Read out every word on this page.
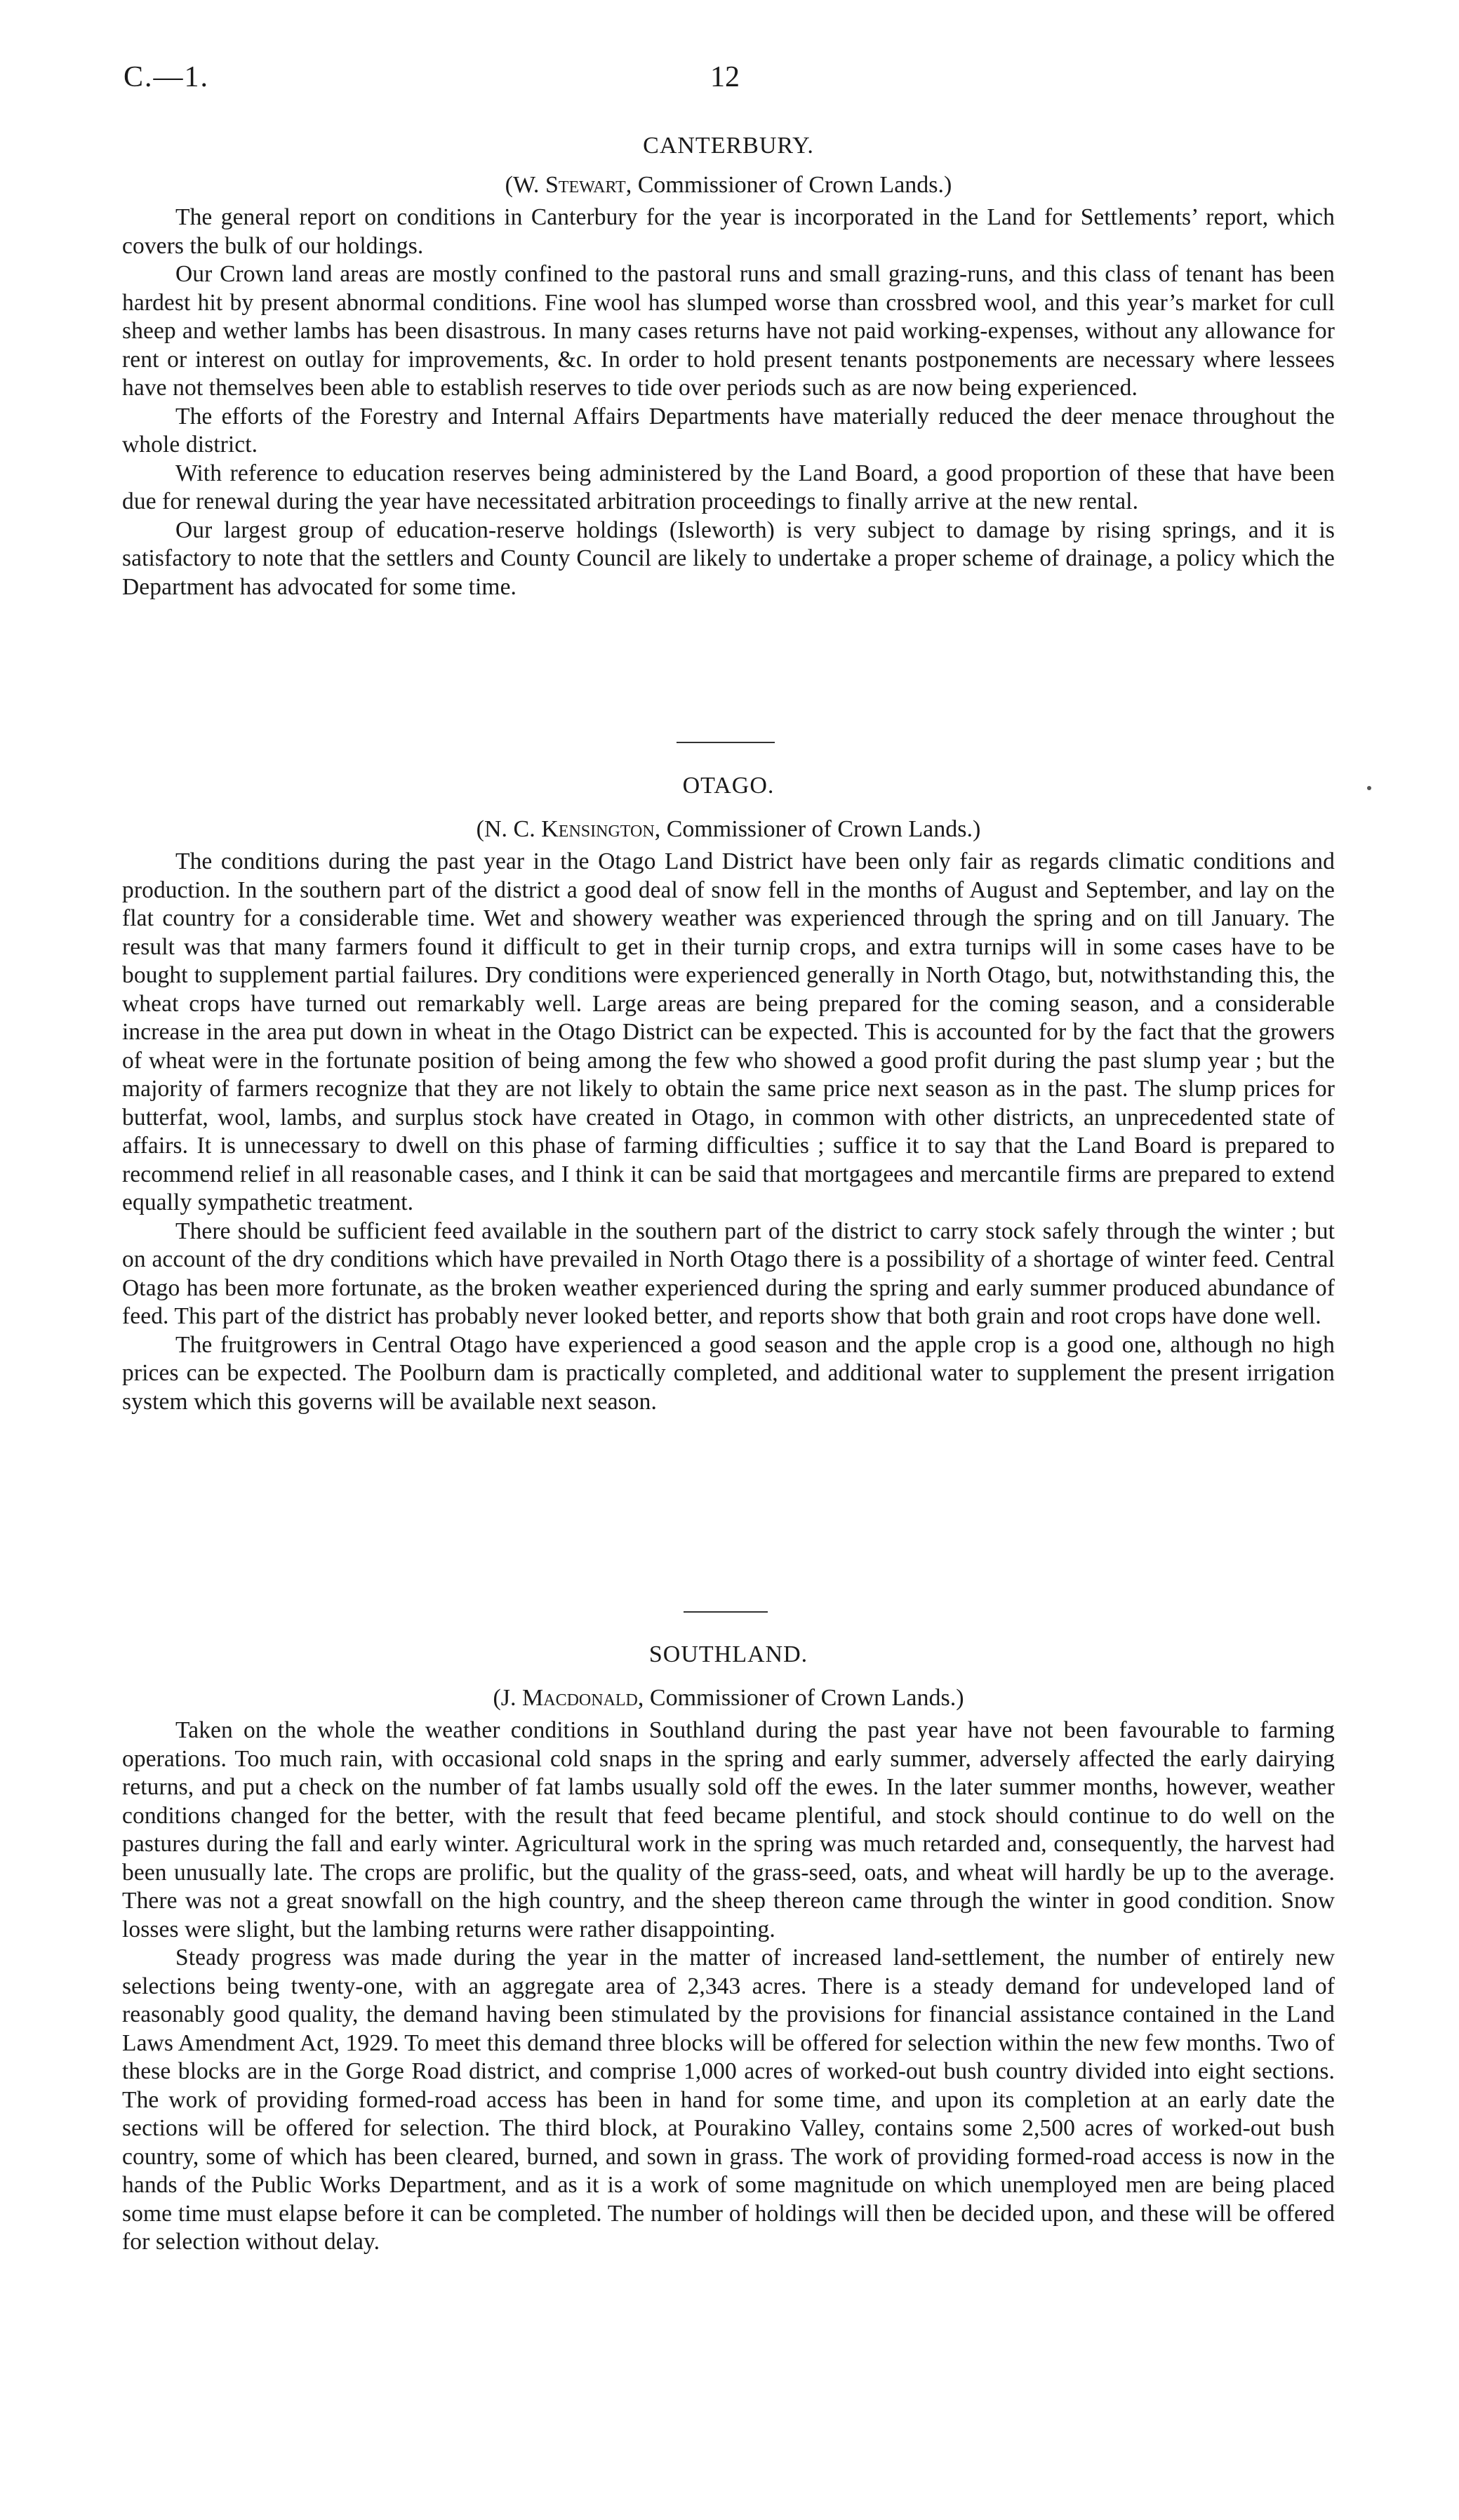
C.—1.	12

CANTERBURY.

(W. Stewart, Commissioner of Crown Lands.)

The general report on conditions in Canterbury for the year is incorporated in the Land for Settlements’ report, which covers the bulk of our holdings.

Our Crown land areas are mostly confined to the pastoral runs and small grazing-runs, and this class of tenant has been hardest hit by present abnormal conditions. Fine wool has slumped worse than crossbred wool, and this year’s market for cull sheep and wether lambs has been disastrous. In many cases returns have not paid working-expenses, without any allowance for rent or interest on outlay for improvements, &c. In order to hold present tenants postponements are necessary where lessees have not themselves been able to establish reserves to tide over periods such as are now being experienced.

The efforts of the Forestry and Internal Affairs Departments have materially reduced the deer menace throughout the whole district.

With reference to education reserves being administered by the Land Board, a good proportion of these that have been due for renewal during the year have necessitated arbitration proceedings to finally arrive at the new rental.

Our largest group of education-reserve holdings (Isleworth) is very subject to damage by rising springs, and it is satisfactory to note that the settlers and County Council are likely to undertake a proper scheme of drainage, a policy which the Department has advocated for some time.

OTAGO.

(N. C. Kensington, Commissioner of Crown Lands.)

The conditions during the past year in the Otago Land District have been only fair as regards climatic conditions and production. In the southern part of the district a good deal of snow fell in the months of August and September, and lay on the flat country for a considerable time. Wet and showery weather was experienced through the spring and on till January. The result was that many farmers found it difficult to get in their turnip crops, and extra turnips will in some cases have to be bought to supplement partial failures. Dry conditions were experienced generally in North Otago, but, notwithstanding this, the wheat crops have turned out remarkably well. Large areas are being prepared for the coming season, and a considerable increase in the area put down in wheat in the Otago District can be expected. This is accounted for by the fact that the growers of wheat were in the fortunate position of being among the few who showed a good profit during the past slump year ; but the majority of farmers recognize that they are not likely to obtain the same price next season as in the past. The slump prices for butterfat, wool, lambs, and surplus stock have created in Otago, in common with other districts, an unprecedented state of affairs. It is unnecessary to dwell on this phase of farming difficulties ; suffice it to say that the Land Board is prepared to recommend relief in all reasonable cases, and I think it can be said that mortgagees and mercantile firms are prepared to extend equally sympathetic treatment.

There should be sufficient feed available in the southern part of the district to carry stock safely through the winter ; but on account of the dry conditions which have prevailed in North Otago there is a possibility of a shortage of winter feed. Central Otago has been more fortunate, as the broken weather experienced during the spring and early summer produced abundance of feed. This part of the district has probably never looked better, and reports show that both grain and root crops have done well.

The fruitgrowers in Central Otago have experienced a good season and the apple crop is a good one, although no high prices can be expected. The Poolburn dam is practically completed, and additional water to supplement the present irrigation system which this governs will be available next season.

SOUTHLAND.

(J. Macdonald, Commissioner of Crown Lands.)

Taken on the whole the weather conditions in Southland during the past year have not been favourable to farming operations. Too much rain, with occasional cold snaps in the spring and early summer, adversely affected the early dairying returns, and put a check on the number of fat lambs usually sold off the ewes. In the later summer months, however, weather conditions changed for the better, with the result that feed became plentiful, and stock should continue to do well on the pastures during the fall and early winter. Agricultural work in the spring was much retarded and, consequently, the harvest had been unusually late. The crops are prolific, but the quality of the grass-seed, oats, and wheat will hardly be up to the average. There was not a great snowfall on the high country, and the sheep thereon came through the winter in good condition. Snow losses were slight, but the lambing returns were rather disappointing.

Steady progress was made during the year in the matter of increased land-settlement, the number of entirely new selections being twenty-one, with an aggregate area of 2,343 acres. There is a steady demand for undeveloped land of reasonably good quality, the demand having been stimulated by the provisions for financial assistance contained in the Land Laws Amendment Act, 1929. To meet this demand three blocks will be offered for selection within the new few months. Two of these blocks are in the Gorge Road district, and comprise 1,000 acres of worked-out bush country divided into eight sections. The work of providing formed-road access has been in hand for some time, and upon its completion at an early date the sections will be offered for selection. The third block, at Pourakino Valley, contains some 2,500 acres of worked-out bush country, some of which has been cleared, burned, and sown in grass. The work of providing formed-road access is now in the hands of the Public Works Department, and as it is a work of some magnitude on which unemployed men are being placed some time must elapse before it can be completed. The number of holdings will then be decided upon, and these will be offered for selection without delay.
